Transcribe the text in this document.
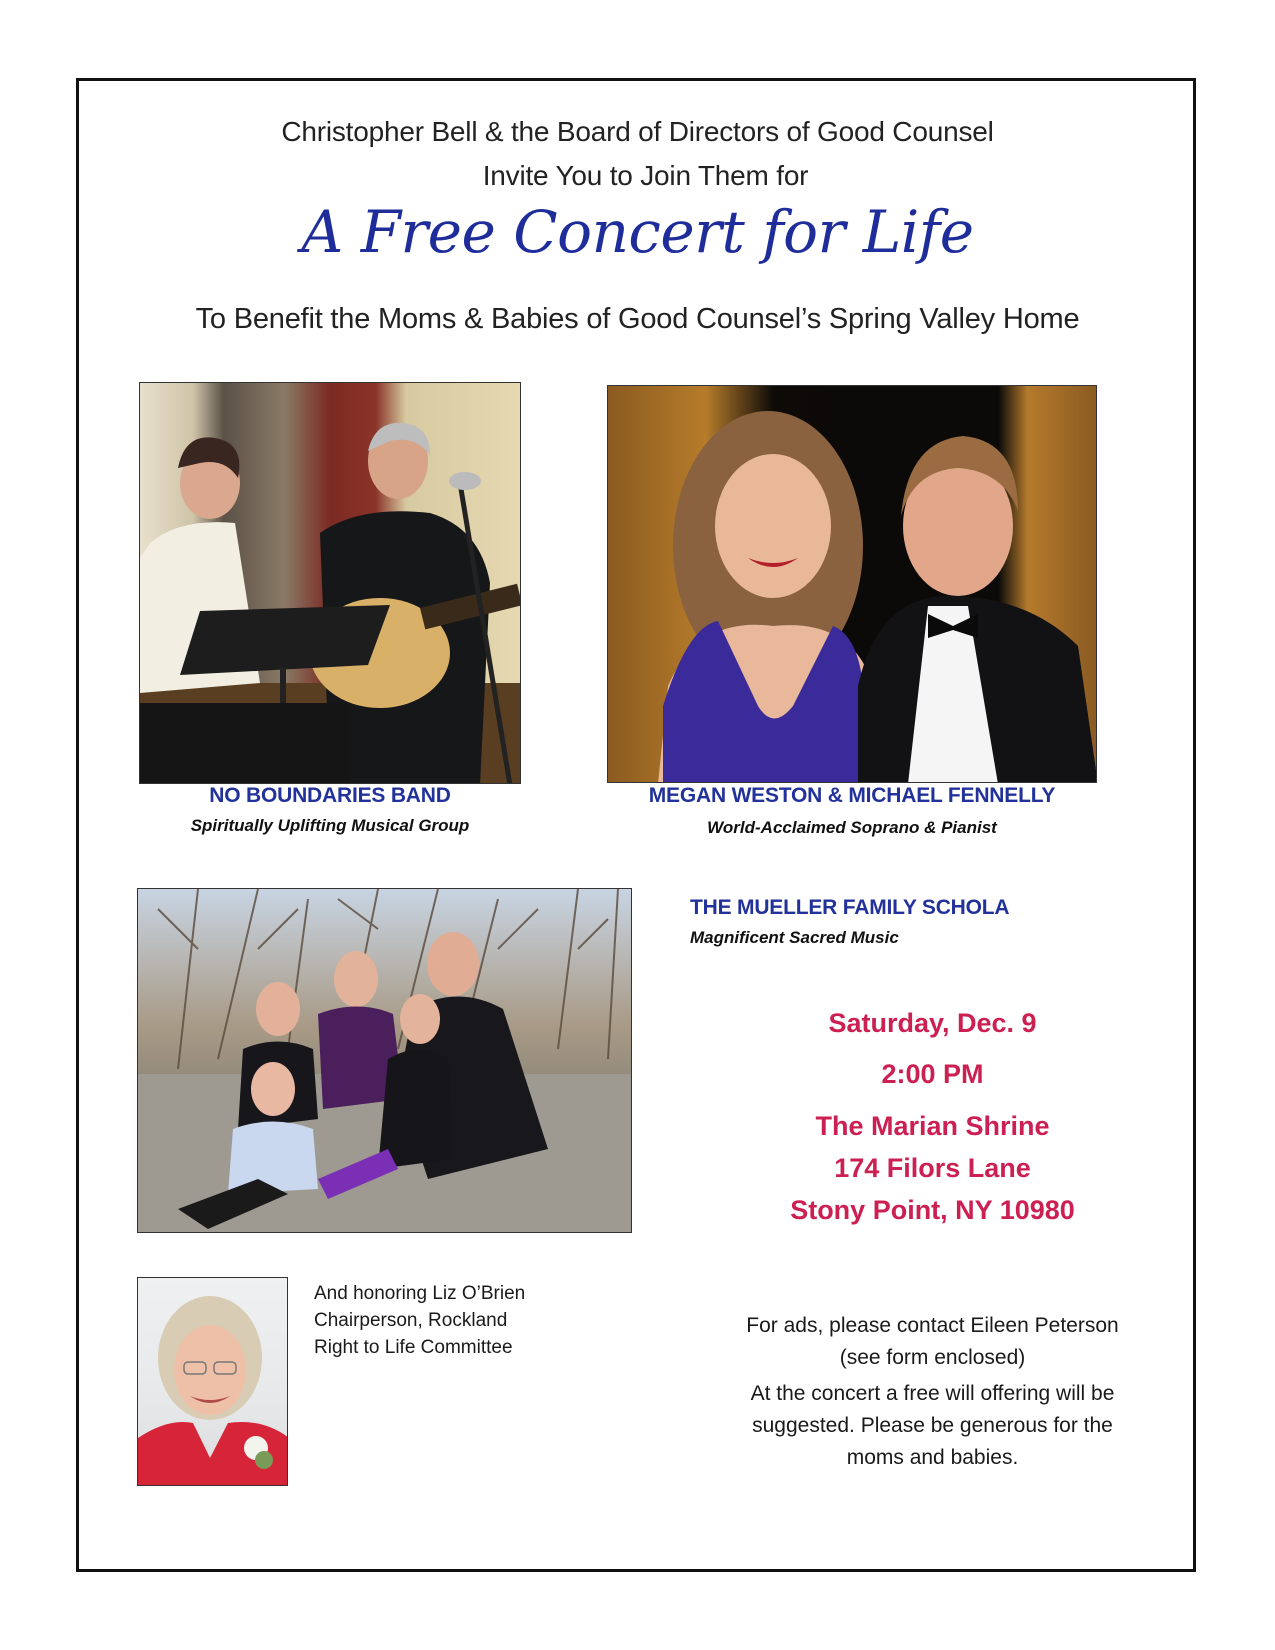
Christopher Bell & the Board of Directors of Good Counsel
Invite You to Join Them for
A Free Concert for Life
To Benefit the Moms & Babies of Good Counsel’s Spring Valley Home
NO BOUNDARIES BAND
Spiritually Uplifting Musical Group
MEGAN WESTON & MICHAEL FENNELLY
World-Acclaimed Soprano & Pianist
THE MUELLER FAMILY SCHOLA
Magnificent Sacred Music
Saturday, Dec. 9
2:00 PM
The Marian Shrine
174 Filors Lane
Stony Point, NY 10980
And honoring Liz O’Brien
Chairperson, Rockland
Right to Life Committee
For ads, please contact Eileen Peterson
(see form enclosed)
At the concert a free will offering will be
suggested. Please be generous for the
moms and babies.
